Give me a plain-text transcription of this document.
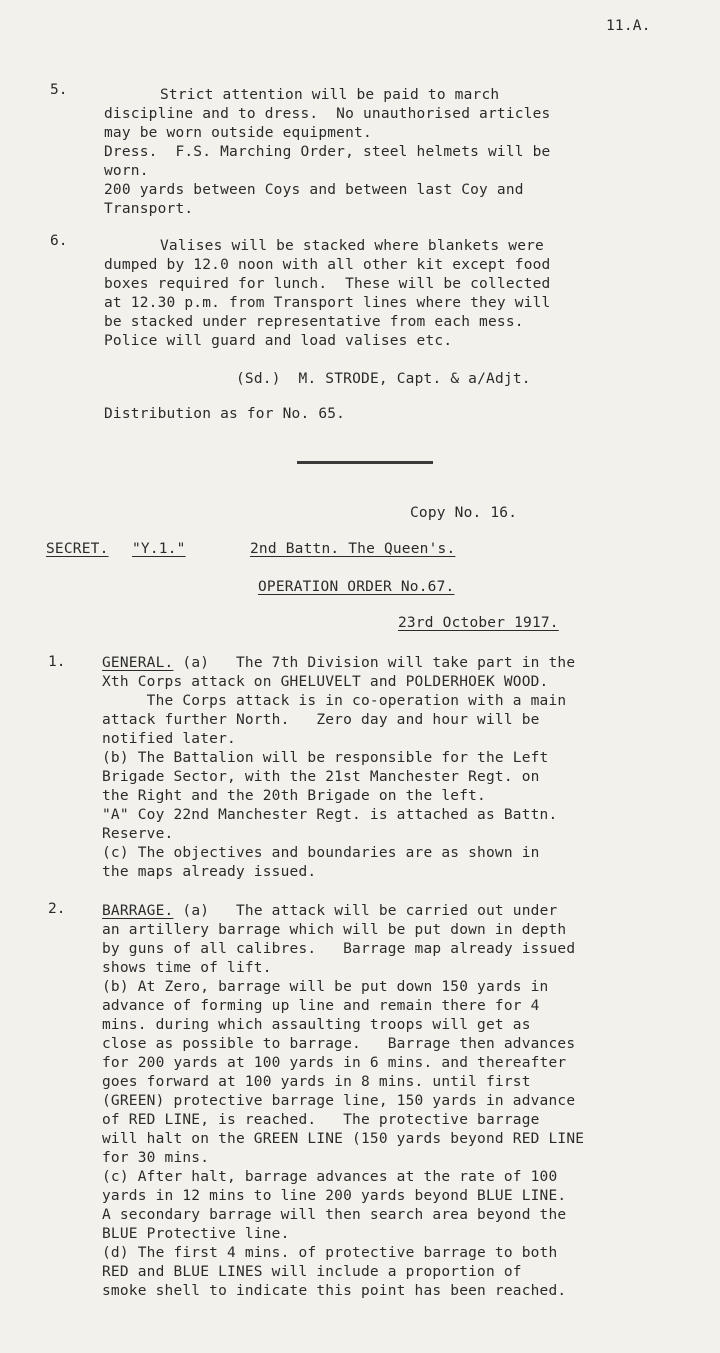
11.A.
5.	Strict attention will be paid to march
discipline and to dress.  No unauthorised articles
may be worn outside equipment.
Dress.  F.S. Marching Order, steel helmets will be
worn.
200 yards between Coys and between last Coy and
Transport.
6.	Valises will be stacked where blankets were
dumped by 12.0 noon with all other kit except food
boxes required for lunch.  These will be collected
at 12.30 p.m. from Transport lines where they will
be stacked under representative from each mess.
Police will guard and load valises etc.
(Sd.)  M. STRODE, Capt. & a/Adjt.
Distribution as for No. 65.
Copy No. 16.
SECRET. "Y.1."	2nd Battn. The Queen's.
OPERATION ORDER No.67.
23rd October 1917.
1.	GENERAL. (a)   The 7th Division will take part in the
Xth Corps attack on GHELUVELT and POLDERHOEK WOOD.
The Corps attack is in co-operation with a main
attack further North.   Zero day and hour will be
notified later.
(b) The Battalion will be responsible for the Left
Brigade Sector, with the 21st Manchester Regt. on
the Right and the 20th Brigade on the left.
"A" Coy 22nd Manchester Regt. is attached as Battn.
Reserve.
(c) The objectives and boundaries are as shown in
the maps already issued.
2.	BARRAGE. (a)   The attack will be carried out under
an artillery barrage which will be put down in depth
by guns of all calibres.   Barrage map already issued
shows time of lift.
(b) At Zero, barrage will be put down 150 yards in
advance of forming up line and remain there for 4
mins. during which assaulting troops will get as
close as possible to barrage.   Barrage then advances
for 200 yards at 100 yards in 6 mins. and thereafter
goes forward at 100 yards in 8 mins. until first
(GREEN) protective barrage line, 150 yards in advance
of RED LINE, is reached.   The protective barrage
will halt on the GREEN LINE (150 yards beyond RED LINE
for 30 mins.
(c) After halt, barrage advances at the rate of 100
yards in 12 mins to line 200 yards beyond BLUE LINE.
A secondary barrage will then search area beyond the
BLUE Protective line.
(d) The first 4 mins. of protective barrage to both
RED and BLUE LINES will include a proportion of
smoke shell to indicate this point has been reached.
